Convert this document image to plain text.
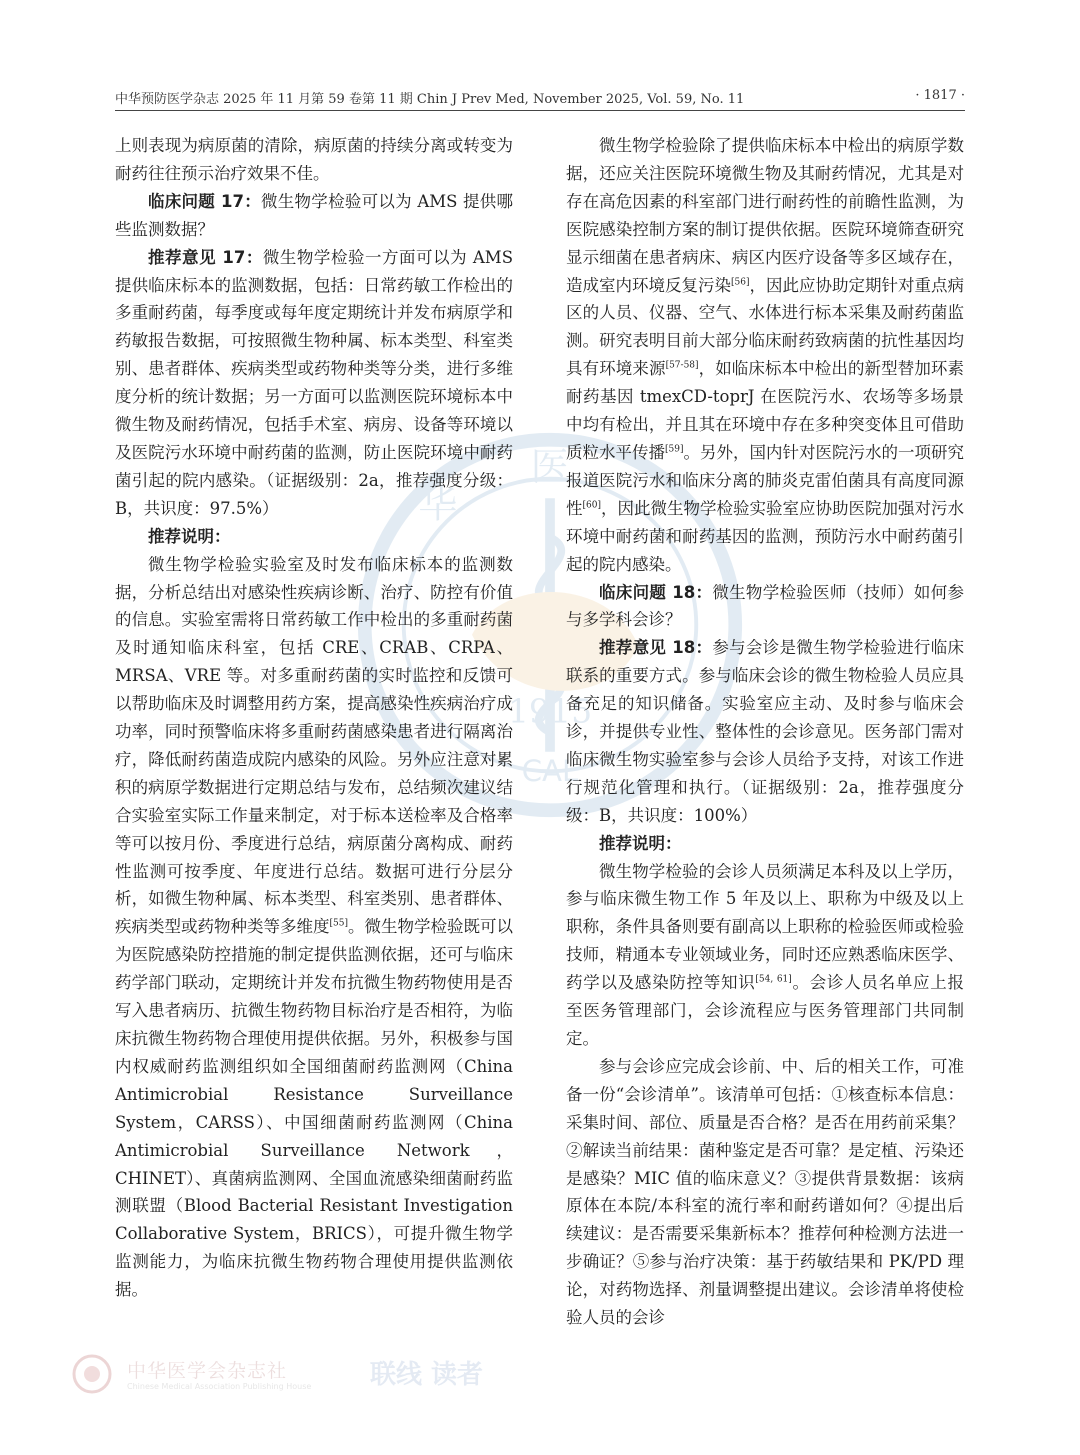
中华预防医学杂志 2025 年 11 月第 59 卷第 11 期 Chin J Prev Med, November 2025, Vol. 59, No. 11	· 1817 ·
医
华
1915
CAL

上则表现为病原菌的清除，病原菌的持续分离或转变为耐药往往预示治疗效果不佳。

临床问题 17：微生物学检验可以为 AMS 提供哪些监测数据？

推荐意见 17：微生物学检验一方面可以为 AMS 提供临床标本的监测数据，包括：日常药敏工作检出的多重耐药菌，每季度或每年度定期统计并发布病原学和药敏报告数据，可按照微生物种属、标本类型、科室类别、患者群体、疾病类型或药物种类等分类，进行多维度分析的统计数据；另一方面可以监测医院环境标本中微生物及耐药情况，包括手术室、病房、设备等环境以及医院污水环境中耐药菌的监测，防止医院环境中耐药菌引起的院内感染。（证据级别：2a，推荐强度分级：B，共识度：97.5%）

推荐说明：

微生物学检验实验室及时发布临床标本的监测数据，分析总结出对感染性疾病诊断、治疗、防控有价值的信息。实验室需将日常药敏工作中检出的多重耐药菌及时通知临床科室，包括 CRE、CRAB、CRPA、MRSA、VRE 等。对多重耐药菌的实时监控和反馈可以帮助临床及时调整用药方案，提高感染性疾病治疗成功率，同时预警临床将多重耐药菌感染患者进行隔离治疗，降低耐药菌造成院内感染的风险。另外应注意对累积的病原学数据进行定期总结与发布，总结频次建议结合实验室实际工作量来制定，对于标本送检率及合格率等可以按月份、季度进行总结，病原菌分离构成、耐药性监测可按季度、年度进行总结。数据可进行分层分析，如微生物种属、标本类型、科室类别、患者群体、疾病类型或药物种类等多维度[55]。微生物学检验既可以为医院感染防控措施的制定提供监测依据，还可与临床药学部门联动，定期统计并发布抗微生物药物使用是否写入患者病历、抗微生物药物目标治疗是否相符，为临床抗微生物药物合理使用提供依据。另外，积极参与国内权威耐药监测组织如全国细菌耐药监测网（China Antimicrobial Resistance Surveillance System，CARSS）、中国细菌耐药监测网（China Antimicrobial Surveillance Network，CHINET）、真菌病监测网、全国血流感染细菌耐药监测联盟（Blood Bacterial Resistant Investigation Collaborative System，BRICS），可提升微生物学监测能力，为临床抗微生物药物合理使用提供监测依据。

微生物学检验除了提供临床标本中检出的病原学数据，还应关注医院环境微生物及其耐药情况，尤其是对存在高危因素的科室部门进行耐药性的前瞻性监测，为医院感染控制方案的制订提供依据。医院环境筛查研究显示细菌在患者病床、病区内医疗设备等多区域存在，造成室内环境反复污染[56]，因此应协助定期针对重点病区的人员、仪器、空气、水体进行标本采集及耐药菌监测。研究表明目前大部分临床耐药致病菌的抗性基因均具有环境来源[57-58]，如临床标本中检出的新型替加环素耐药基因 tmexCD-toprJ 在医院污水、农场等多场景中均有检出，并且其在环境中存在多种突变体且可借助质粒水平传播[59]。另外，国内针对医院污水的一项研究报道医院污水和临床分离的肺炎克雷伯菌具有高度同源性[60]，因此微生物学检验实验室应协助医院加强对污水环境中耐药菌和耐药基因的监测，预防污水中耐药菌引起的院内感染。

临床问题 18：微生物学检验医师（技师）如何参与多学科会诊？

推荐意见 18：参与会诊是微生物学检验进行临床联系的重要方式。参与临床会诊的微生物检验人员应具备充足的知识储备。实验室应主动、及时参与临床会诊，并提供专业性、整体性的会诊意见。医务部门需对临床微生物实验室参与会诊人员给予支持，对该工作进行规范化管理和执行。（证据级别：2a，推荐强度分级：B，共识度：100%）

推荐说明：

微生物学检验的会诊人员须满足本科及以上学历，参与临床微生物工作 5 年及以上、职称为中级及以上职称，条件具备则要有副高以上职称的检验医师或检验技师，精通本专业领域业务，同时还应熟悉临床医学、药学以及感染防控等知识[54, 61]。会诊人员名单应上报至医务管理部门，会诊流程应与医务管理部门共同制定。

参与会诊应完成会诊前、中、后的相关工作，可准备一份“会诊清单”。该清单可包括：①核查标本信息：采集时间、部位、质量是否合格？是否在用药前采集？②解读当前结果：菌种鉴定是否可靠？是定植、污染还是感染？MIC 值的临床意义？③提供背景数据：该病原体在本院/本科室的流行率和耐药谱如何？④提出后续建议：是否需要采集新标本？推荐何种检测方法进一步确证？⑤参与治疗决策：基于药敏结果和 PK/PD 理论，对药物选择、剂量调整提出建议。会诊清单将使检验人员的会诊

中华医学会杂志社
Chinese Medical Association Publishing House 联线 读者
